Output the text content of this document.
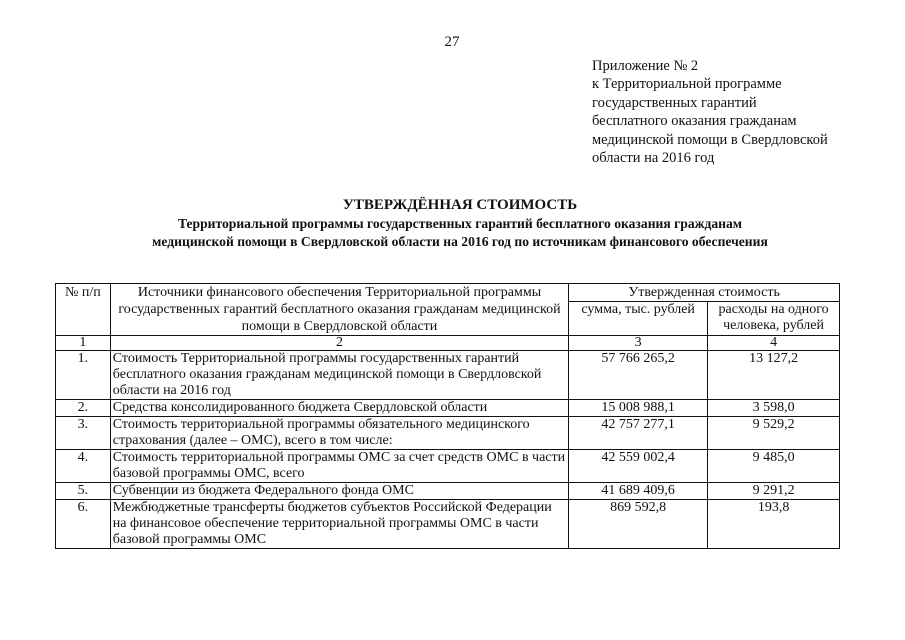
27
Приложение № 2
к Территориальной программе
государственных гарантий
бесплатного оказания гражданам
медицинской помощи в Свердловской
области на 2016 год
УТВЕРЖДЁННАЯ СТОИМОСТЬ
Территориальной программы государственных гарантий бесплатного оказания гражданам
медицинской помощи в Свердловской области на 2016 год по источникам финансового обеспечения
№ п/п	Источники финансового обеспечения Территориальной программы государственных гарантий бесплатного оказания гражданам медицинской помощи в Свердловской области	Утвержденная стоимость	
		сумма, тыс. рублей	расходы на одного человека, рублей
1	2	3	4
1.	Стоимость Территориальной программы государственных гарантий бесплатного оказания гражданам медицинской помощи в Свердловской области на 2016 год	57 766 265,2	13 127,2
2.	Средства консолидированного бюджета Свердловской области	15 008 988,1	3 598,0
3.	Стоимость территориальной программы обязательного медицинского страхования (далее – ОМС), всего в том числе:	42 757 277,1	9 529,2
4.	Стоимость территориальной программы ОМС за счет средств ОМС в части базовой программы ОМС, всего	42 559 002,4	9 485,0
5.	Субвенции из бюджета Федерального фонда ОМС	41 689 409,6	9 291,2
6.	Межбюджетные трансферты бюджетов субъектов Российской Федерации на финансовое обеспечение территориальной программы ОМС в части базовой программы ОМС	869 592,8	193,8
